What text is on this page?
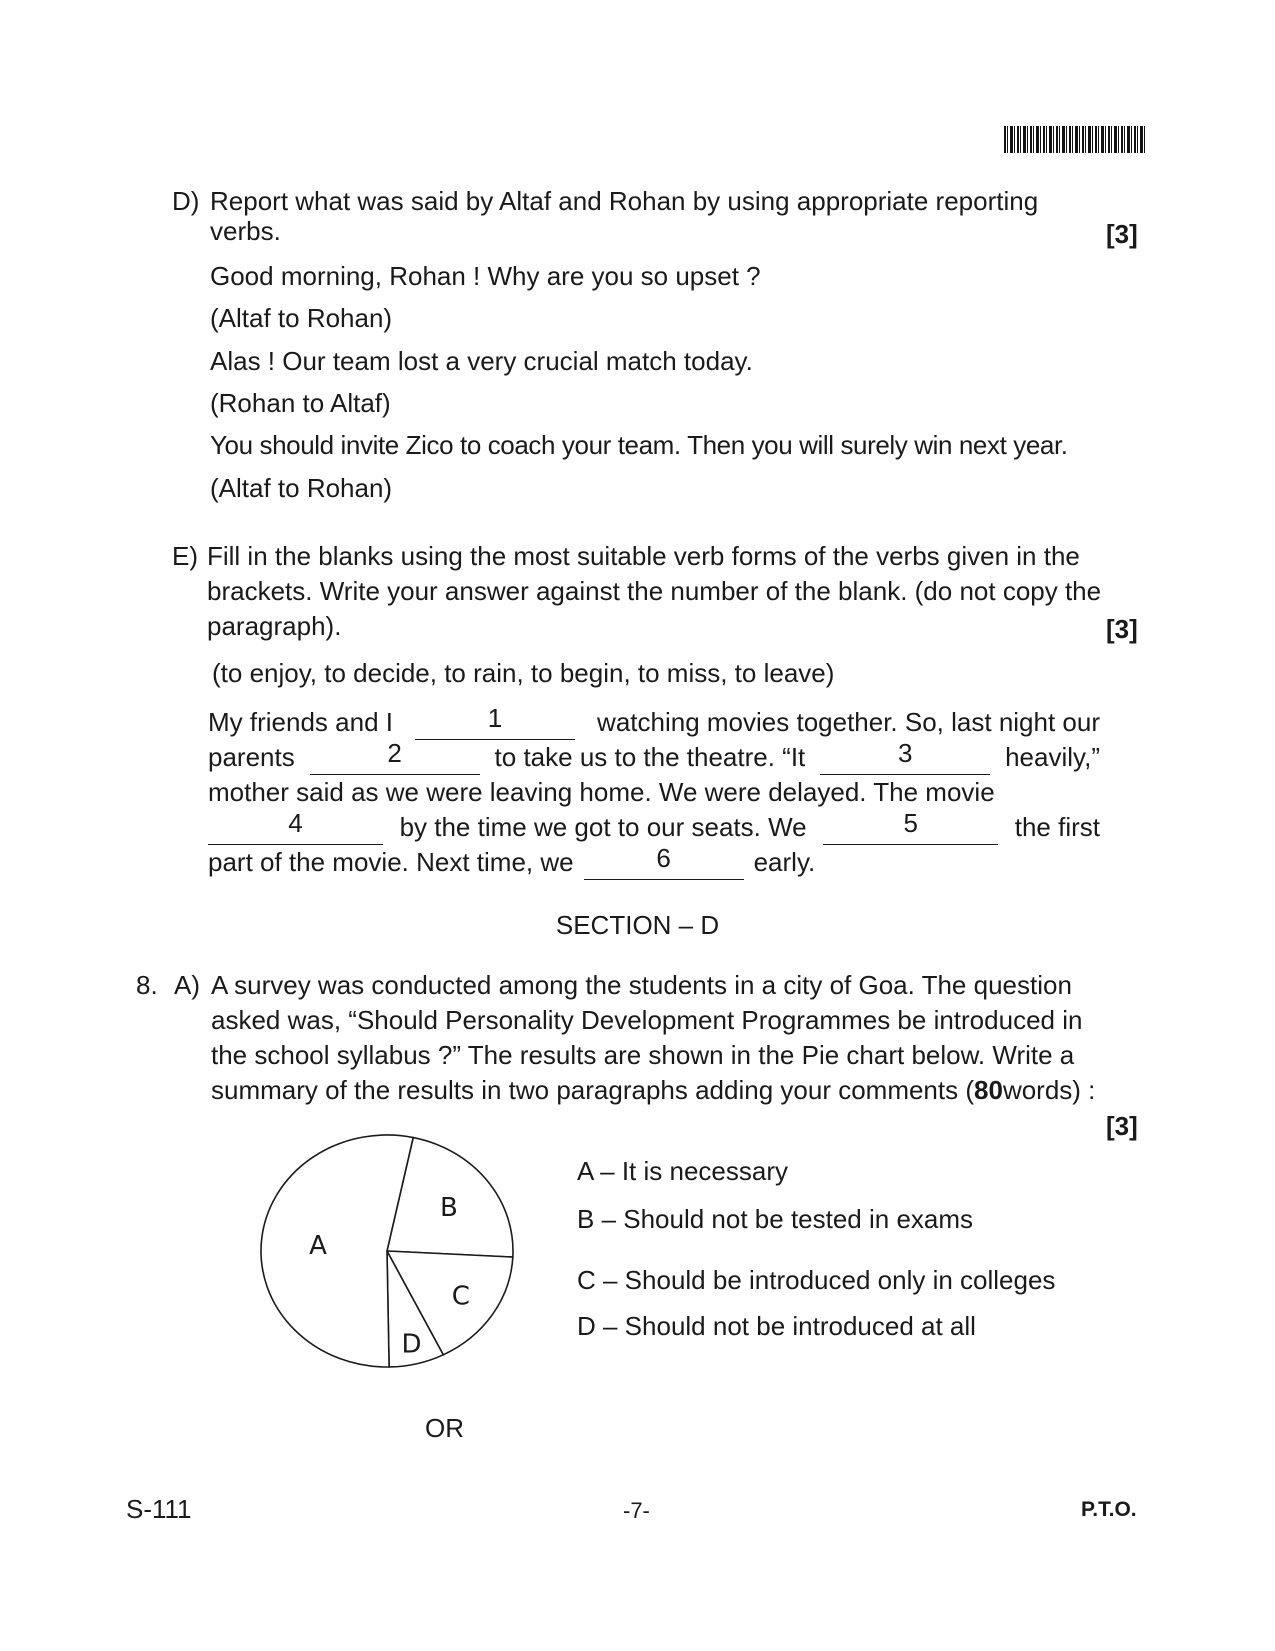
D) Report what was said by Altaf and Rohan by using appropriate reporting
verbs.	[3]
Good morning, Rohan ! Why are you so upset ?
(Altaf to Rohan)
Alas ! Our team lost a very crucial match today.
(Rohan to Altaf)
You should invite Zico to coach your team. Then you will surely win next year.
(Altaf to Rohan)
E) Fill in the blanks using the most suitable verb forms of the verbs given in the
brackets. Write your answer against the number of the blank. (do not copy the
paragraph).	[3]
(to enjoy, to decide, to rain, to begin, to miss, to leave)
My friends and I	1	watching movies together. So, last night our
parents	2	to take us to the theatre. “It	3	heavily,”
mother said as we were leaving home. We were delayed. The movie
4	by the time we got to our seats. We	5	the first
part of the movie. Next time, we	6	early.
SECTION – D
8. A) A survey was conducted among the students in a city of Goa. The question
asked was, “Should Personality Development Programmes be introduced in
the school syllabus ?” The results are shown in the Pie chart below. Write a
summary of the results in two paragraphs adding your comments ( 80 words) :
[3]
B
C
D
A
A – It is necessary
B – Should not be tested in exams
C – Should be introduced only in colleges
D – Should not be introduced at all
OR
S-111	-7-	P.T.O.
